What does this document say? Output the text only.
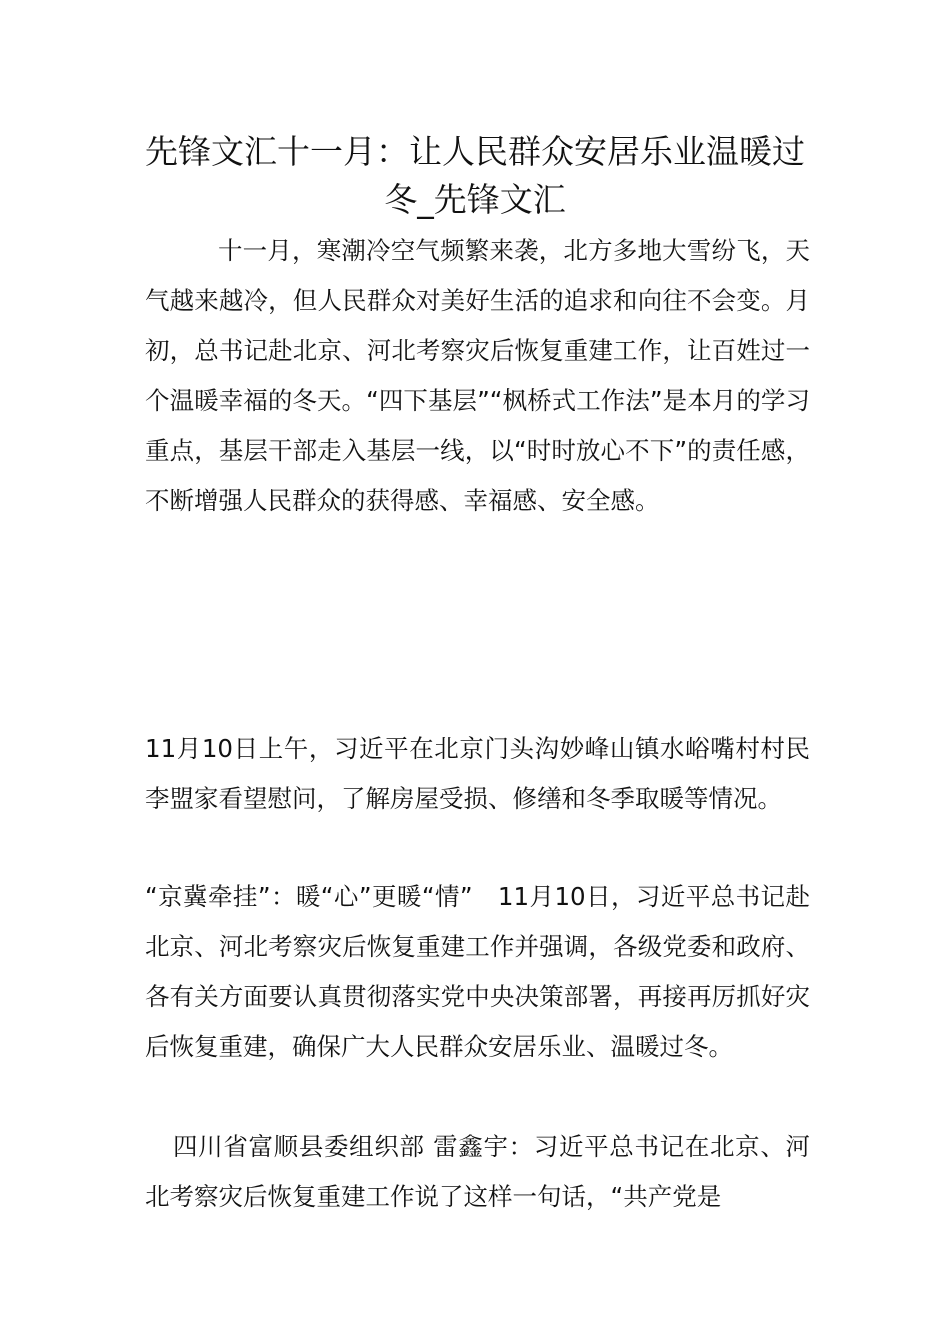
先锋文汇十一月：让人民群众安居乐业温暖过冬_先锋文汇

十一月，寒潮冷空气频繁来袭，北方多地大雪纷飞，天气越来越冷，但人民群众对美好生活的追求和向往不会变。月初，总书记赴北京、河北考察灾后恢复重建工作，让百姓过一个温暖幸福的冬天。“四下基层”“枫桥式工作法”是本月的学习重点，基层干部走入基层一线，以“时时放心不下”的责任感，不断增强人民群众的获得感、幸福感、安全感。

11月10日上午，习近平在北京门头沟妙峰山镇水峪嘴村村民李盟家看望慰问，了解房屋受损、修缮和冬季取暖等情况。

“京冀牵挂”：暖“心”更暖“情”　11月10日，习近平总书记赴北京、河北考察灾后恢复重建工作并强调，各级党委和政府、各有关方面要认真贯彻落实党中央决策部署，再接再厉抓好灾后恢复重建，确保广大人民群众安居乐业、温暖过冬。

四川省富顺县委组织部 雷鑫宇：习近平总书记在北京、河北考察灾后恢复重建工作说了这样一句话，“共产党是
